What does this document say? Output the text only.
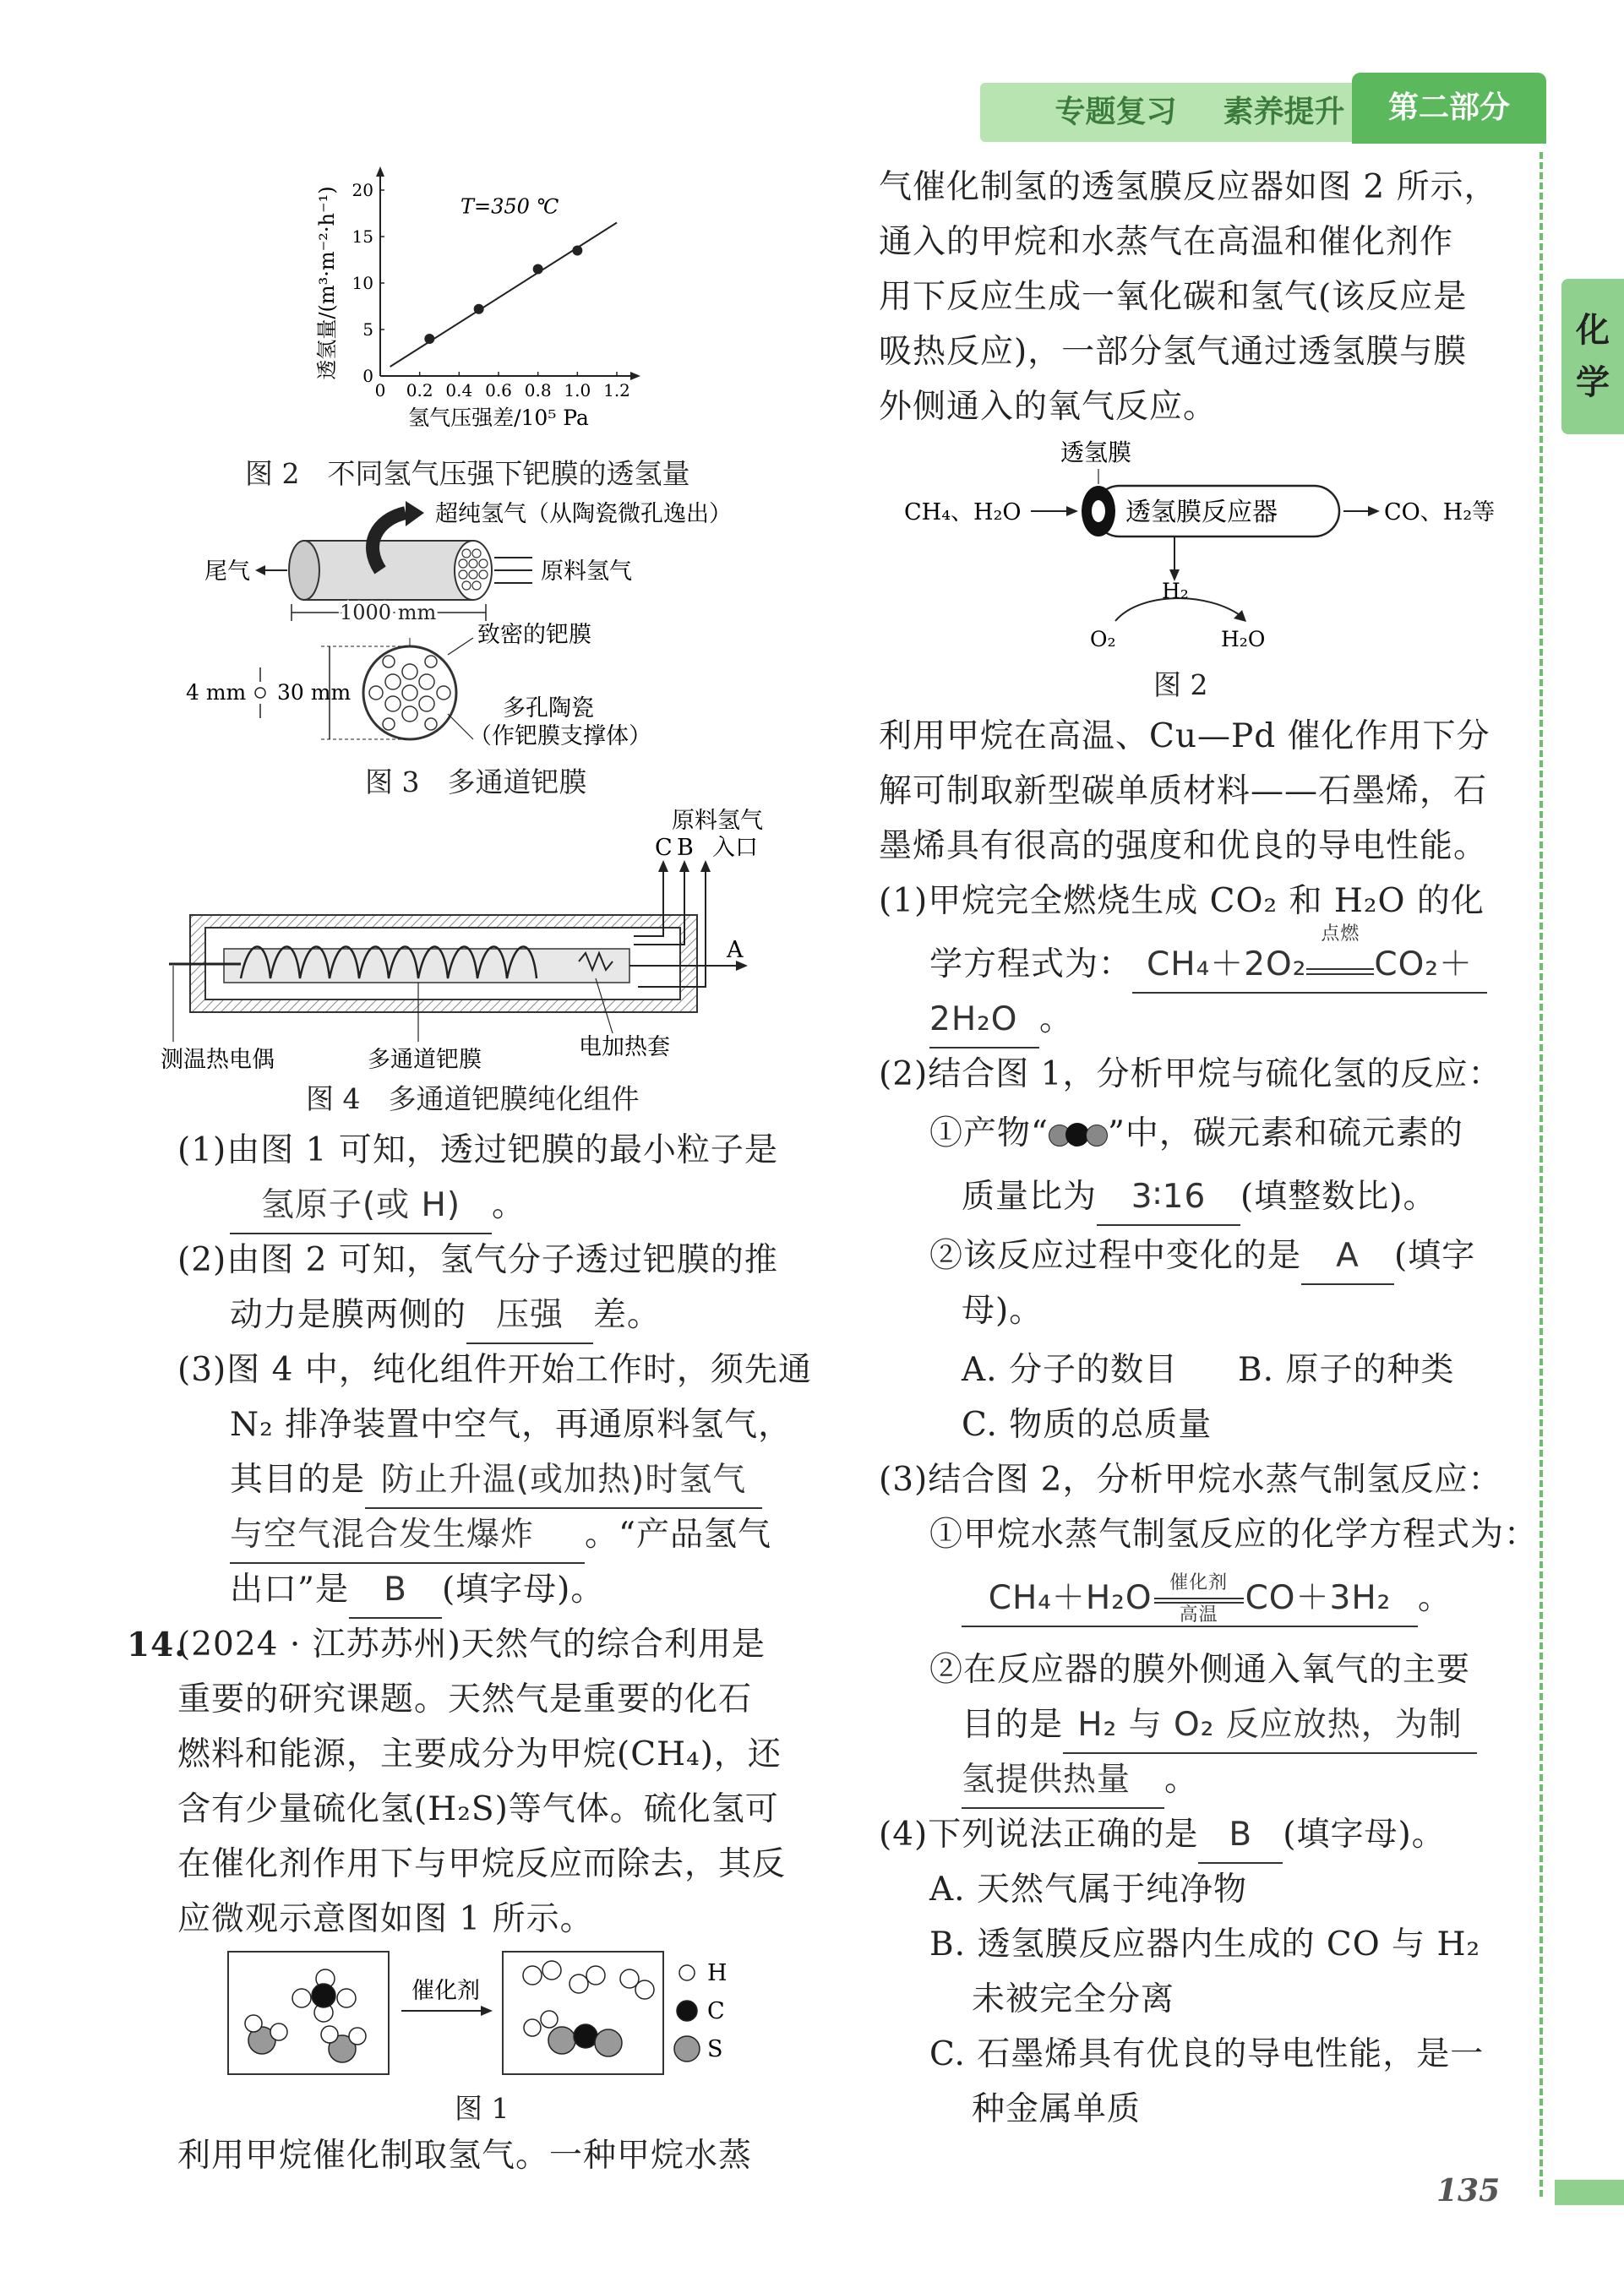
专题复习 素养提升	第二部分
化学
0 0.2 0.4 0.6 0.8 1.0 1.2
0
5
10
15
20
T=350 ℃
氢气压强差/10⁵ Pa
透氢量/(m³·m⁻²·h⁻¹)
图 2　不同氢气压强下钯膜的透氢量
超纯氢气（从陶瓷微孔逸出）
尾气	原料氢气
1000 mm
致密的钯膜
4 mm 30 mm
多孔陶瓷
（作钯膜支撑体）
图 3　多通道钯膜
原料氢气
入口
C B
A
测温热电偶	多通道钯膜	电加热套
图 4　多通道钯膜纯化组件
(1)由图 1 可知，透过钯膜的最小粒子是
氢原子(或 H) 。
(2)由图 2 可知，氢气分子透过钯膜的推
动力是膜两侧的 压强 差。
(3)图 4 中，纯化组件开始工作时，须先通
N₂ 排净装置中空气，再通原料氢气，
其目的是 防止升温(或加热)时氢气
与空气混合发生爆炸 。“产品氢气
出口”是 B (填字母)。
14.
(2024 · 江苏苏州)天然气的综合利用是
重要的研究课题。天然气是重要的化石
燃料和能源，主要成分为甲烷(CH₄)，还
含有少量硫化氢(H₂S)等气体。硫化氢可
在催化剂作用下与甲烷反应而除去，其反
应微观示意图如图 1 所示。
催化剂
H
C
S
图 1
利用甲烷催化制取氢气。一种甲烷水蒸
气催化制氢的透氢膜反应器如图 2 所示，
通入的甲烷和水蒸气在高温和催化剂作
用下反应生成一氧化碳和氢气(该反应是
吸热反应)，一部分氢气通过透氢膜与膜
外侧通入的氧气反应。
透氢膜
CH₄、H₂O	透氢膜反应器	CO、H₂等
H₂
O₂	H₂O
图 2
利用甲烷在高温、Cu—Pd 催化作用下分
解可制取新型碳单质材料——石墨烯，石
墨烯具有很高的强度和优良的导电性能。
(1)甲烷完全燃烧生成 CO₂ 和 H₂O 的化
学方程式为： CH₄＋2O₂
点燃
CO₂＋
2H₂O 。
(2)结合图 1，分析甲烷与硫化氢的反应：
①产物“ ”中，碳元素和硫元素的
质量比为 3∶16 (填整数比)。
②该反应过程中变化的是 A (填字
母)。
A. 分子的数目 B. 原子的种类
C. 物质的总质量
(3)结合图 2，分析甲烷水蒸气制氢反应：
①甲烷水蒸气制氢反应的化学方程式为：
CH₄＋H₂O 催化剂
高温 CO＋3H₂ 。
②在反应器的膜外侧通入氧气的主要
目的是 H₂ 与 O₂ 反应放热，为制
氢提供热量 。
(4)下列说法正确的是 B (填字母)。
A. 天然气属于纯净物
B. 透氢膜反应器内生成的 CO 与 H₂
未被完全分离
C. 石墨烯具有优良的导电性能，是一
种金属单质
135
